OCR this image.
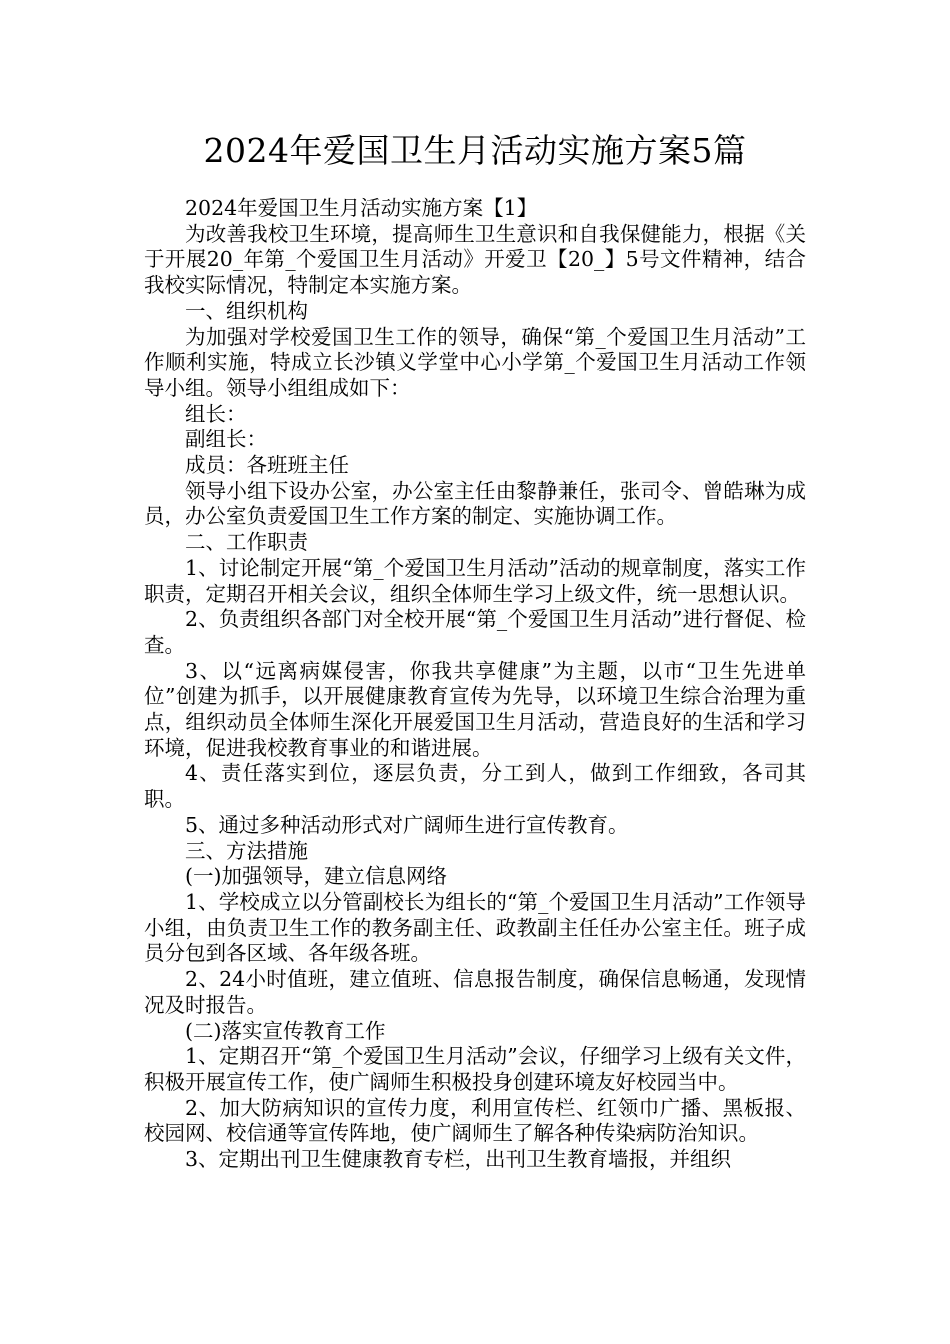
2024年爱国卫生月活动实施方案5篇

2024年爱国卫生月活动实施方案【1】

为改善我校卫生环境，提高师生卫生意识和自我保健能力，根据《关于开展20_年第_个爱国卫生月活动》开爱卫【20_】5号文件精神，结合我校实际情况，特制定本实施方案。

一、组织机构

为加强对学校爱国卫生工作的领导，确保“第_个爱国卫生月活动”工作顺利实施，特成立长沙镇义学堂中心小学第_个爱国卫生月活动工作领导小组。领导小组组成如下：

组长：

副组长：

成员：各班班主任

领导小组下设办公室，办公室主任由黎静兼任，张司令、曾皓琳为成员，办公室负责爱国卫生工作方案的制定、实施协调工作。

二、工作职责

1、讨论制定开展“第_个爱国卫生月活动”活动的规章制度，落实工作职责，定期召开相关会议，组织全体师生学习上级文件，统一思想认识。

2、负责组织各部门对全校开展“第_个爱国卫生月活动”进行督促、检查。

3、以“远离病媒侵害，你我共享健康”为主题，以市“卫生先进单位”创建为抓手，以开展健康教育宣传为先导，以环境卫生综合治理为重点，组织动员全体师生深化开展爱国卫生月活动，营造良好的生活和学习环境，促进我校教育事业的和谐进展。

4、责任落实到位，逐层负责，分工到人，做到工作细致，各司其职。

5、通过多种活动形式对广阔师生进行宣传教育。

三、方法措施

(一)加强领导，建立信息网络

1、学校成立以分管副校长为组长的“第_个爱国卫生月活动”工作领导小组，由负责卫生工作的教务副主任、政教副主任任办公室主任。班子成员分包到各区域、各年级各班。

2、24小时值班，建立值班、信息报告制度，确保信息畅通，发现情况及时报告。

(二)落实宣传教育工作

1、定期召开“第_个爱国卫生月活动”会议，仔细学习上级有关文件，积极开展宣传工作，使广阔师生积极投身创建环境友好校园当中。

2、加大防病知识的宣传力度，利用宣传栏、红领巾广播、黑板报、校园网、校信通等宣传阵地，使广阔师生了解各种传染病防治知识。

3、定期出刊卫生健康教育专栏，出刊卫生教育墙报，并组织
